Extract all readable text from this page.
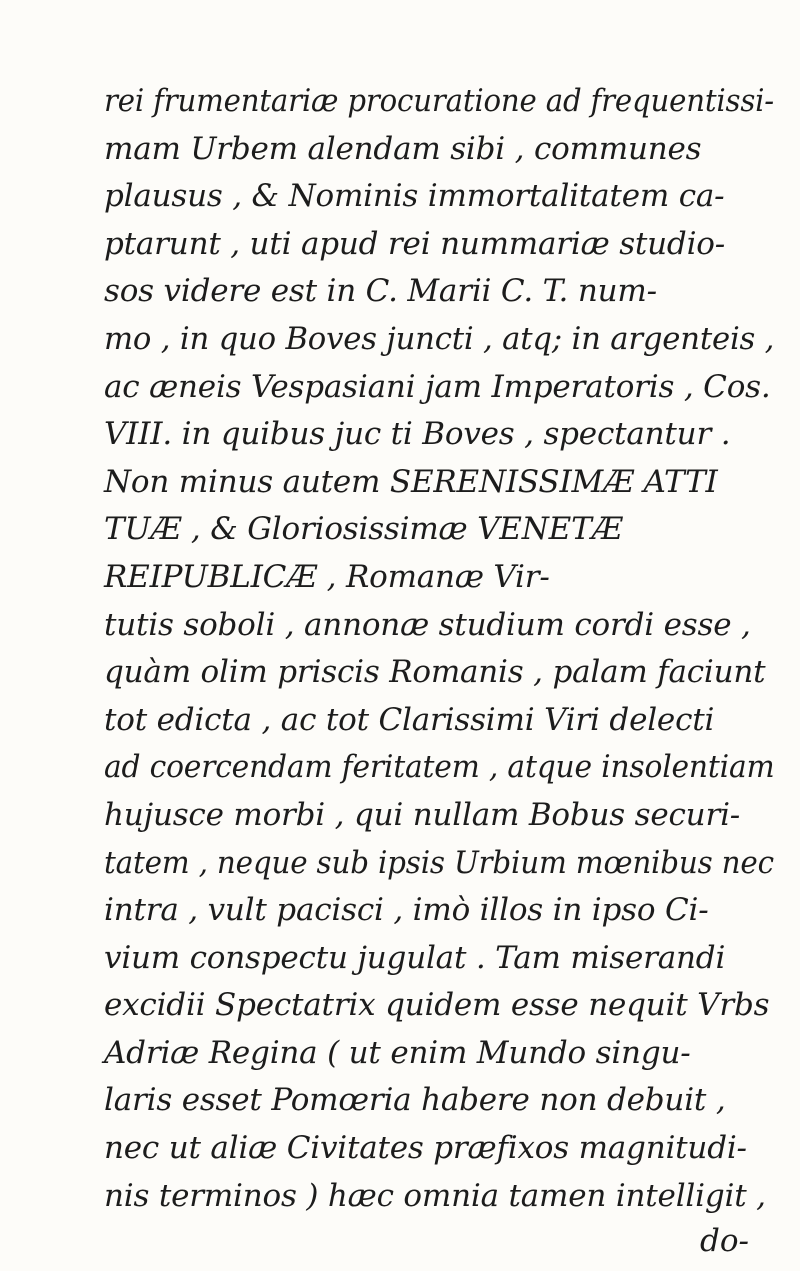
rei frumentariæ procuratione ad frequentissi-
mam Urbem alendam sibi , communes
plausus , & Nominis immortalitatem ca-
ptarunt , uti apud rei nummariæ studio-
sos videre est in C. Marii C. T. num-
mo , in quo Boves juncti , atq; in argenteis ,
ac æneis Vespasiani jam Imperatoris , Cos.
VIII. in quibus juc ti Boves , spectantur .
Non minus autem SERENISSIMÆ ATTI
TUÆ , & Gloriosissimæ VENETÆ
REIPUBLICÆ , Romanæ Vir-
tutis soboli , annonæ studium cordi esse ,
quàm olim priscis Romanis , palam faciunt
tot edicta , ac tot Clarissimi Viri delecti
ad coercendam feritatem , atque insolentiam
hujusce morbi , qui nullam Bobus securi-
tatem , neque sub ipsis Urbium mœnibus nec
intra , vult pacisci , imò illos in ipso Ci-
vium conspectu jugulat . Tam miserandi
excidii Spectatrix quidem esse nequit Vrbs
Adriæ Regina ( ut enim Mundo singu-
laris esset Pomœria habere non debuit ,
nec ut aliæ Civitates præfixos magnitudi-
nis terminos ) hæc omnia tamen intelligit ,
do-
